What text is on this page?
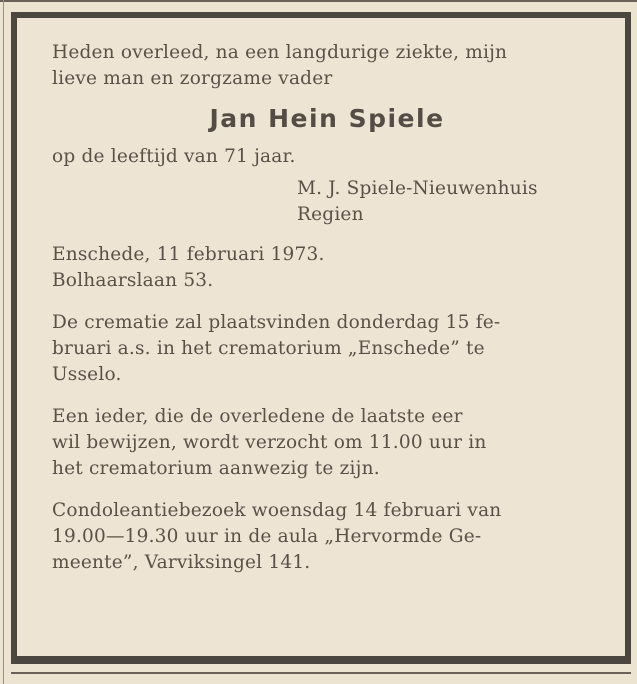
Heden overleed, na een langdurige ziekte, mijn

lieve man en zorgzame vader

Jan Hein Spiele

op de leeftijd van 71 jaar.

M. J. Spiele-Nieuwenhuis

Regien

Enschede, 11 februari 1973.

Bolhaarslaan 53.

De crematie zal plaatsvinden donderdag 15 fe-

bruari a.s. in het crematorium „Enschede” te

Usselo.

Een ieder, die de overledene de laatste eer

wil bewijzen, wordt verzocht om 11.00 uur in

het crematorium aanwezig te zijn.

Condoleantiebezoek woensdag 14 februari van

19.00—19.30 uur in de aula „Hervormde Ge-

meente”, Varviksingel 141.
